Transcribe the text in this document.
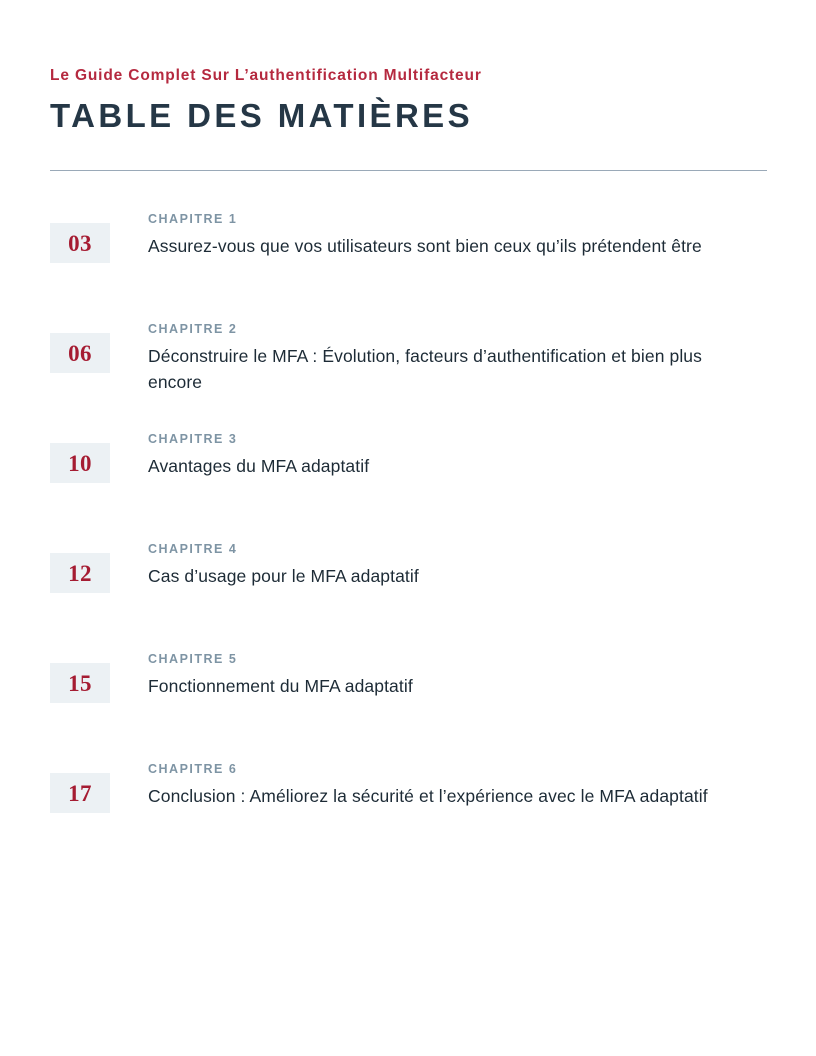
Le Guide Complet Sur L’authentification Multifacteur
TABLE DES MATIÈRES
03
CHAPITRE 1
Assurez-vous que vos utilisateurs sont bien ceux qu’ils prétendent être
06
CHAPITRE 2
Déconstruire le MFA : Évolution, facteurs d’authentification et bien plus encore
10
CHAPITRE 3
Avantages du MFA adaptatif
12
CHAPITRE 4
Cas d’usage pour le MFA adaptatif
15
CHAPITRE 5
Fonctionnement du MFA adaptatif
17
CHAPITRE 6
Conclusion : Améliorez la sécurité et l’expérience avec le MFA adaptatif
